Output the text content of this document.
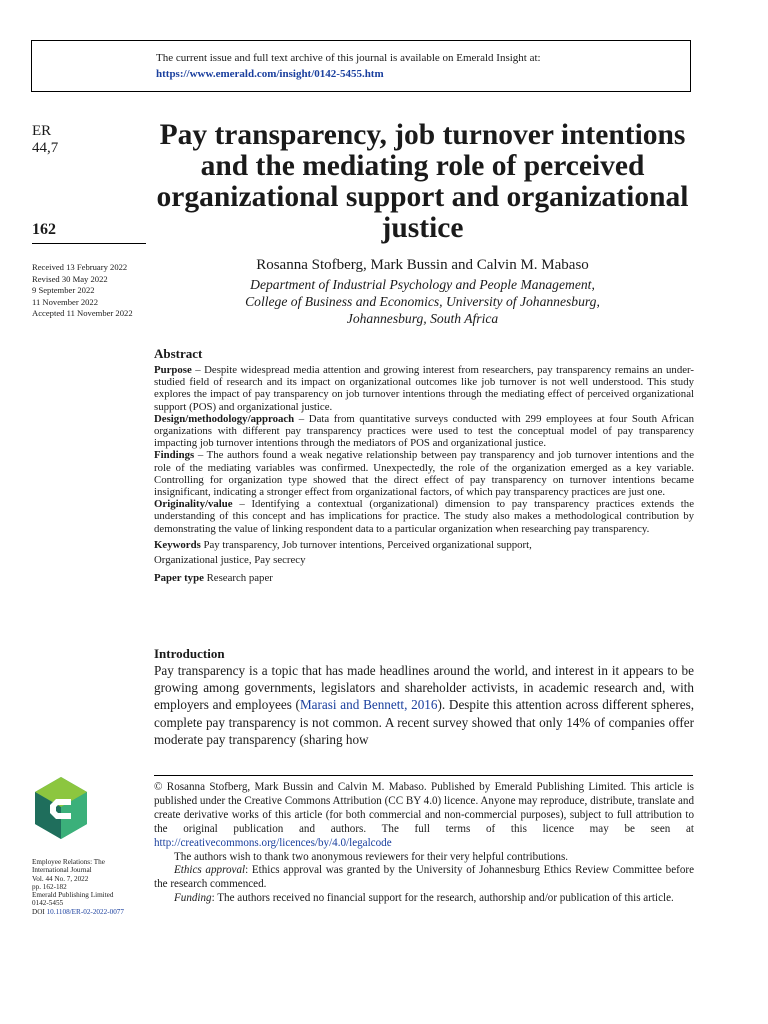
The current issue and full text archive of this journal is available on Emerald Insight at:
https://www.emerald.com/insight/0142-5455.htm
ER
44,7
162
Received 13 February 2022
Revised 30 May 2022
9 September 2022
11 November 2022
Accepted 11 November 2022
Pay transparency, job turnover intentions and the mediating role of perceived organizational support and organizational justice
Rosanna Stofberg, Mark Bussin and Calvin M. Mabaso
Department of Industrial Psychology and People Management,
College of Business and Economics, University of Johannesburg,
Johannesburg, South Africa
Abstract

Purpose – Despite widespread media attention and growing interest from researchers, pay transparency remains an under-studied field of research and its impact on organizational outcomes like job turnover is not well understood. This study explores the impact of pay transparency on job turnover intentions through the mediating effect of perceived organizational support (POS) and organizational justice.

Design/methodology/approach – Data from quantitative surveys conducted with 299 employees at four South African organizations with different pay transparency practices were used to test the conceptual model of pay transparency impacting job turnover intentions through the mediators of POS and organizational justice.

Findings – The authors found a weak negative relationship between pay transparency and job turnover intentions and the role of the mediating variables was confirmed. Unexpectedly, the role of the organization emerged as a key variable. Controlling for organization type showed that the direct effect of pay transparency on turnover intentions became insignificant, indicating a stronger effect from organizational factors, of which pay transparency practices are just one.

Originality/value – Identifying a contextual (organizational) dimension to pay transparency practices extends the understanding of this concept and has implications for practice. The study also makes a methodological contribution by demonstrating the value of linking respondent data to a particular organization when researching pay transparency.

Keywords Pay transparency, Job turnover intentions, Perceived organizational support,
Organizational justice, Pay secrecy
Paper type Research paper
Introduction
Pay transparency is a topic that has made headlines around the world, and interest in it appears to be growing among governments, legislators and shareholder activists, in academic research and, with employers and employees (Marasi and Bennett, 2016). Despite this attention across different spheres, complete pay transparency is not common. A recent survey showed that only 14% of companies offer moderate pay transparency (sharing how

© Rosanna Stofberg, Mark Bussin and Calvin M. Mabaso. Published by Emerald Publishing Limited. This article is published under the Creative Commons Attribution (CC BY 4.0) licence. Anyone may reproduce, distribute, translate and create derivative works of this article (for both commercial and non-commercial purposes), subject to full attribution to the original publication and authors. The full terms of this licence may be seen at http://creativecommons.org/licences/by/4.0/legalcode

The authors wish to thank two anonymous reviewers for their very helpful contributions.

Ethics approval: Ethics approval was granted by the University of Johannesburg Ethics Review Committee before the research commenced.

Funding: The authors received no financial support for the research, authorship and/or publication of this article.

Employee Relations: The
International Journal
Vol. 44 No. 7, 2022
pp. 162-182
Emerald Publishing Limited
0142-5455
DOI 10.1108/ER-02-2022-0077
